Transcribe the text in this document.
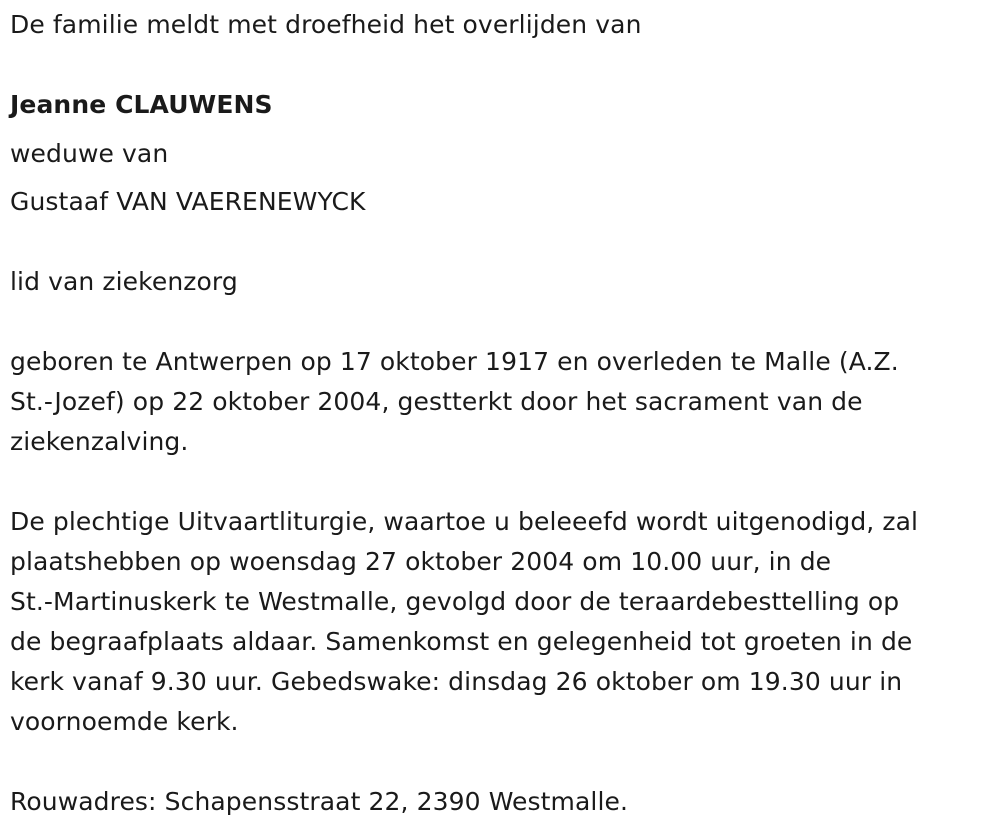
De familie meldt met droefheid het overlijden van
Jeanne CLAUWENS
weduwe van
Gustaaf VAN VAERENEWYCK
lid van ziekenzorg
geboren te Antwerpen op 17 oktober 1917 en overleden te Malle (A.Z.
St.-Jozef) op 22 oktober 2004, gestterkt door het sacrament van de
ziekenzalving.
De plechtige Uitvaartliturgie, waartoe u beleeefd wordt uitgenodigd, zal
plaatshebben op woensdag 27 oktober 2004 om 10.00 uur, in de
St.-Martinuskerk te Westmalle, gevolgd door de teraardebesttelling op
de begraafplaats aldaar. Samenkomst en gelegenheid tot groeten in de
kerk vanaf 9.30 uur. Gebedswake: dinsdag 26 oktober om 19.30 uur in
voornoemde kerk.
Rouwadres: Schapensstraat 22, 2390 Westmalle.
